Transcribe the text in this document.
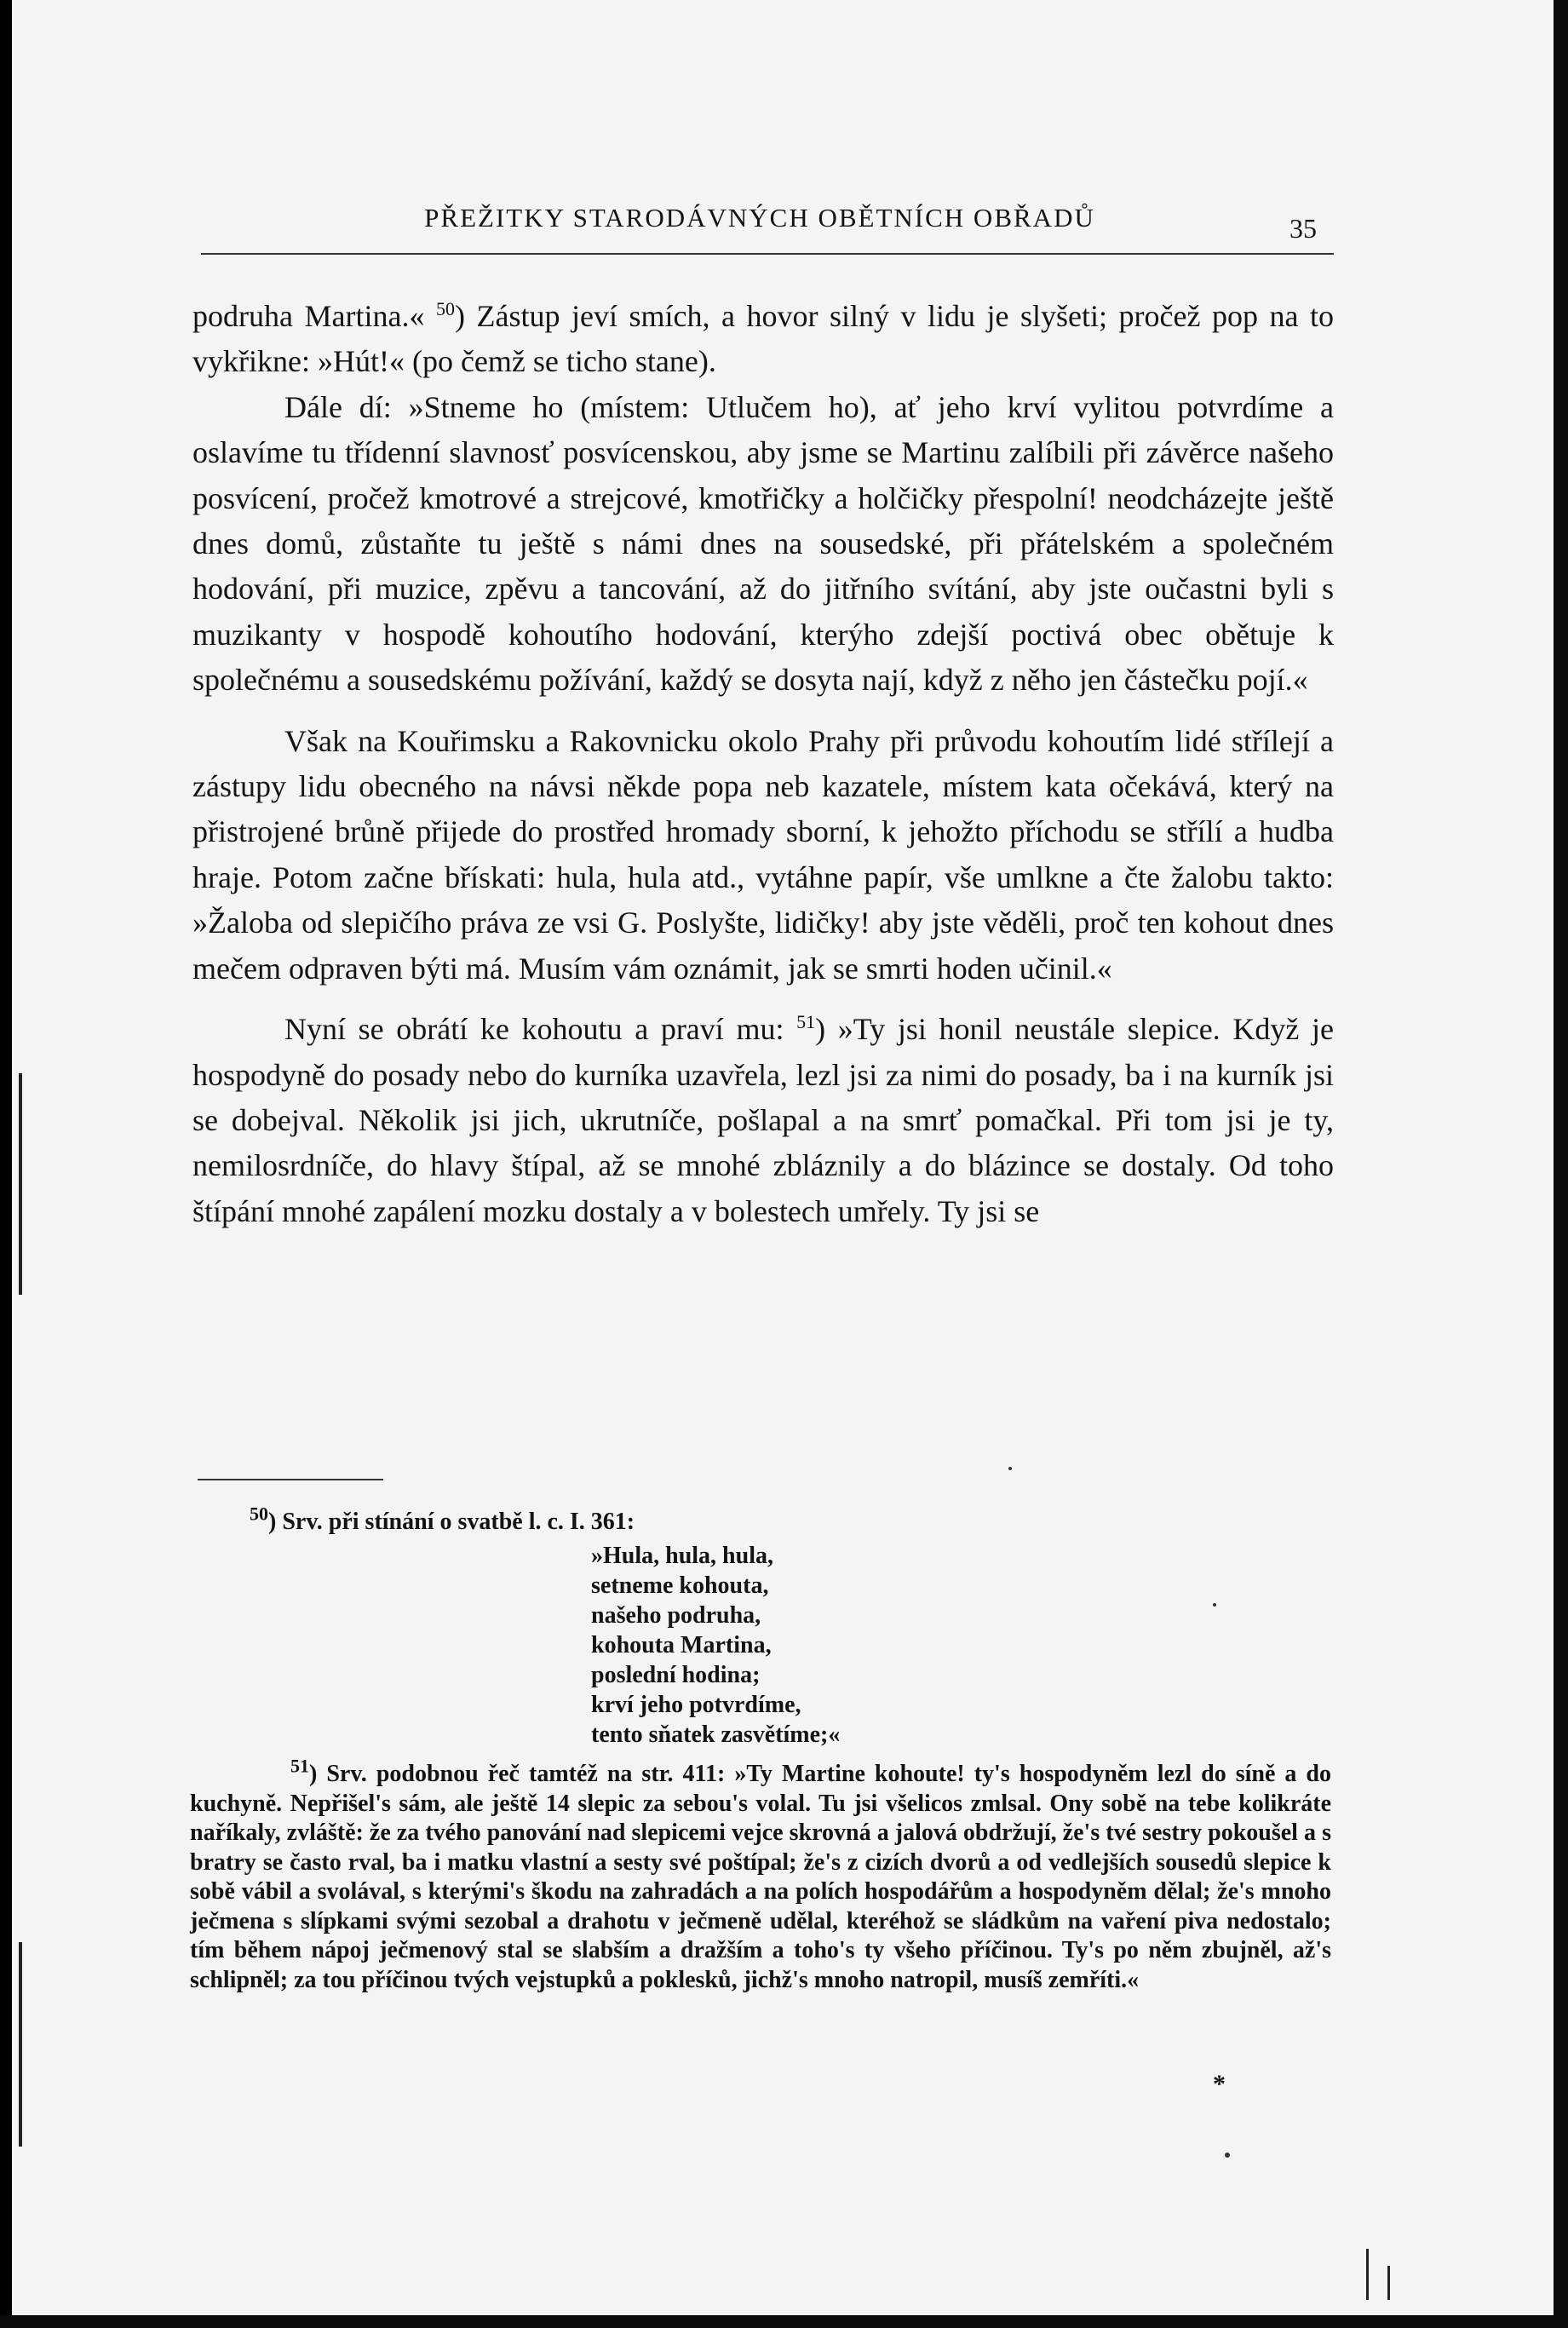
PŘEŽITKY STARODÁVNÝCH OBĚTNÍCH OBŘADŮ	35

podruha Martina.« $^{50}$) Zástup jeví smích, a hovor silný v lidu je slyšeti; pročež pop na to vykřikne: »Hút!« (po čemž se ticho stane).

Dále dí: »Stneme ho (místem: Utlučem ho), ať jeho krví vylitou potvrdíme a oslavíme tu třídenní slavnosť posvícenskou, aby jsme se Martinu zalíbili při závěrce našeho posvícení, pročež kmotrové a strejcové, kmotřičky a holčičky přespolní! neodcházejte ještě dnes domů, zůstaňte tu ještě s námi dnes na sousedské, při přátelském a společném hodování, při muzice, zpěvu a tancování, až do jitřního svítání, aby jste oučastni byli s muzikanty v hospodě kohoutího hodování, kterýho zdejší poctivá obec obětuje k společnému a sousedskému požívání, každý se dosyta nají, když z něho jen částečku pojí.«

Však na Kouřimsku a Rakovnicku okolo Prahy při průvodu kohoutím lidé střílejí a zástupy lidu obecného na návsi někde popa neb kazatele, místem kata očekává, který na přistrojené brůně přijede do prostřed hromady sborní, k jehožto příchodu se střílí a hudba hraje. Potom začne břískati: hula, hula atd., vytáhne papír, vše umlkne a čte žalobu takto: »Žaloba od slepičího práva ze vsi G. Poslyšte, lidičky! aby jste věděli, proč ten kohout dnes mečem odpraven býti má. Musím vám oznámit, jak se smrti hoden učinil.«

Nyní se obrátí ke kohoutu a praví mu: $^{51}$) »Ty jsi honil neustále slepice. Když je hospodyně do posady nebo do kurníka uzavřela, lezl jsi za nimi do posady, ba i na kurník jsi se dobejval. Několik jsi jich, ukrutníče, pošlapal a na smrť pomačkal. Při tom jsi je ty, nemilosrdníče, do hlavy štípal, až se mnohé zbláznily a do blázince se dostaly. Od toho štípání mnohé zapálení mozku dostaly a v bolestech umřely. Ty jsi se

$^{50}$) Srv. při stínání o svatbě l. c. I. 361:
»Hula, hula, hula,
setneme kohouta,
našeho podruha,
kohouta Martina,
poslední hodina;
krví jeho potvrdíme,
tento sňatek zasvětíme;«
$^{51}$) Srv. podobnou řeč tamtéž na str. 411: »Ty Martine kohoute! ty's hospodyněm lezl do síně a do kuchyně. Nepřišel's sám, ale ještě 14 slepic za sebou's volal. Tu jsi všelicos zmlsal. Ony sobě na tebe kolikráte naříkaly, zvláště: že za tvého panování nad slepicemi vejce skrovná a jalová obdržují, že's tvé sestry pokoušel a s bratry se často rval, ba i matku vlastní a sesty své poštípal; že's z cizích dvorů a od vedlejších sousedů slepice k sobě vábil a svolával, s kterými's škodu na zahradách a na polích hospodářům a hospodyněm dělal; že's mnoho ječmena s slípkami svými sezobal a drahotu v ječmeně udělal, kteréhož se sládkům na vaření piva nedostalo; tím během nápoj ječmenový stal se slabším a dražším a toho's ty všeho příčinou. Ty's po něm zbujněl, až's schlipněl; za tou příčinou tvých vejstupků a poklesků, jichž's mnoho natropil, musíš zemříti.«
*
